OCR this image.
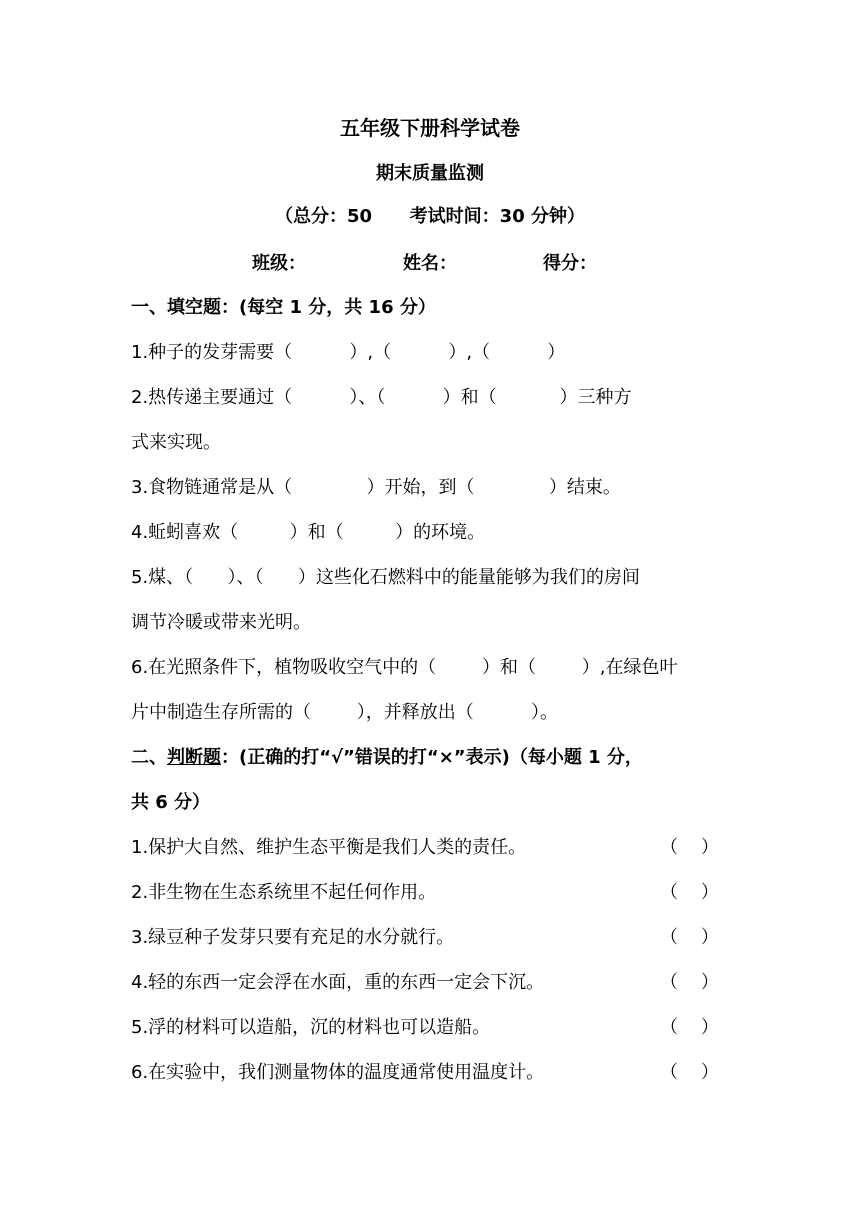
五年级下册科学试卷
期末质量监测
（总分：50      考试时间：30 分钟）
班级：	姓名：	得分：
一、填空题：(每空 1 分，共 16 分）
1.种子的发芽需要（          ）,（          ）,（          ）
2.热传递主要通过（          ）、（          ）和（           ）三种方
式来实现。
3.食物链通常是从（             ）开始，到（             ）结束。
4.蚯蚓喜欢（         ）和（         ）的环境。
5.煤、（      ）、（      ）这些化石燃料中的能量能够为我们的房间
调节冷暖或带来光明。
6.在光照条件下，植物吸收空气中的（        ）和（        ）,在绿色叶
片中制造生存所需的（        ），并释放出（          ）。
二、判断题：(正确的打“√”错误的打“×”表示)（每小题 1 分，
共 6 分）
1.保护大自然、维护生态平衡是我们人类的责任。	（    ）
2.非生物在生态系统里不起任何作用。	（    ）
3.绿豆种子发芽只要有充足的水分就行。	（    ）
4.轻的东西一定会浮在水面，重的东西一定会下沉。	（    ）
5.浮的材料可以造船，沉的材料也可以造船。	（    ）
6.在实验中，我们测量物体的温度通常使用温度计。	（    ）
